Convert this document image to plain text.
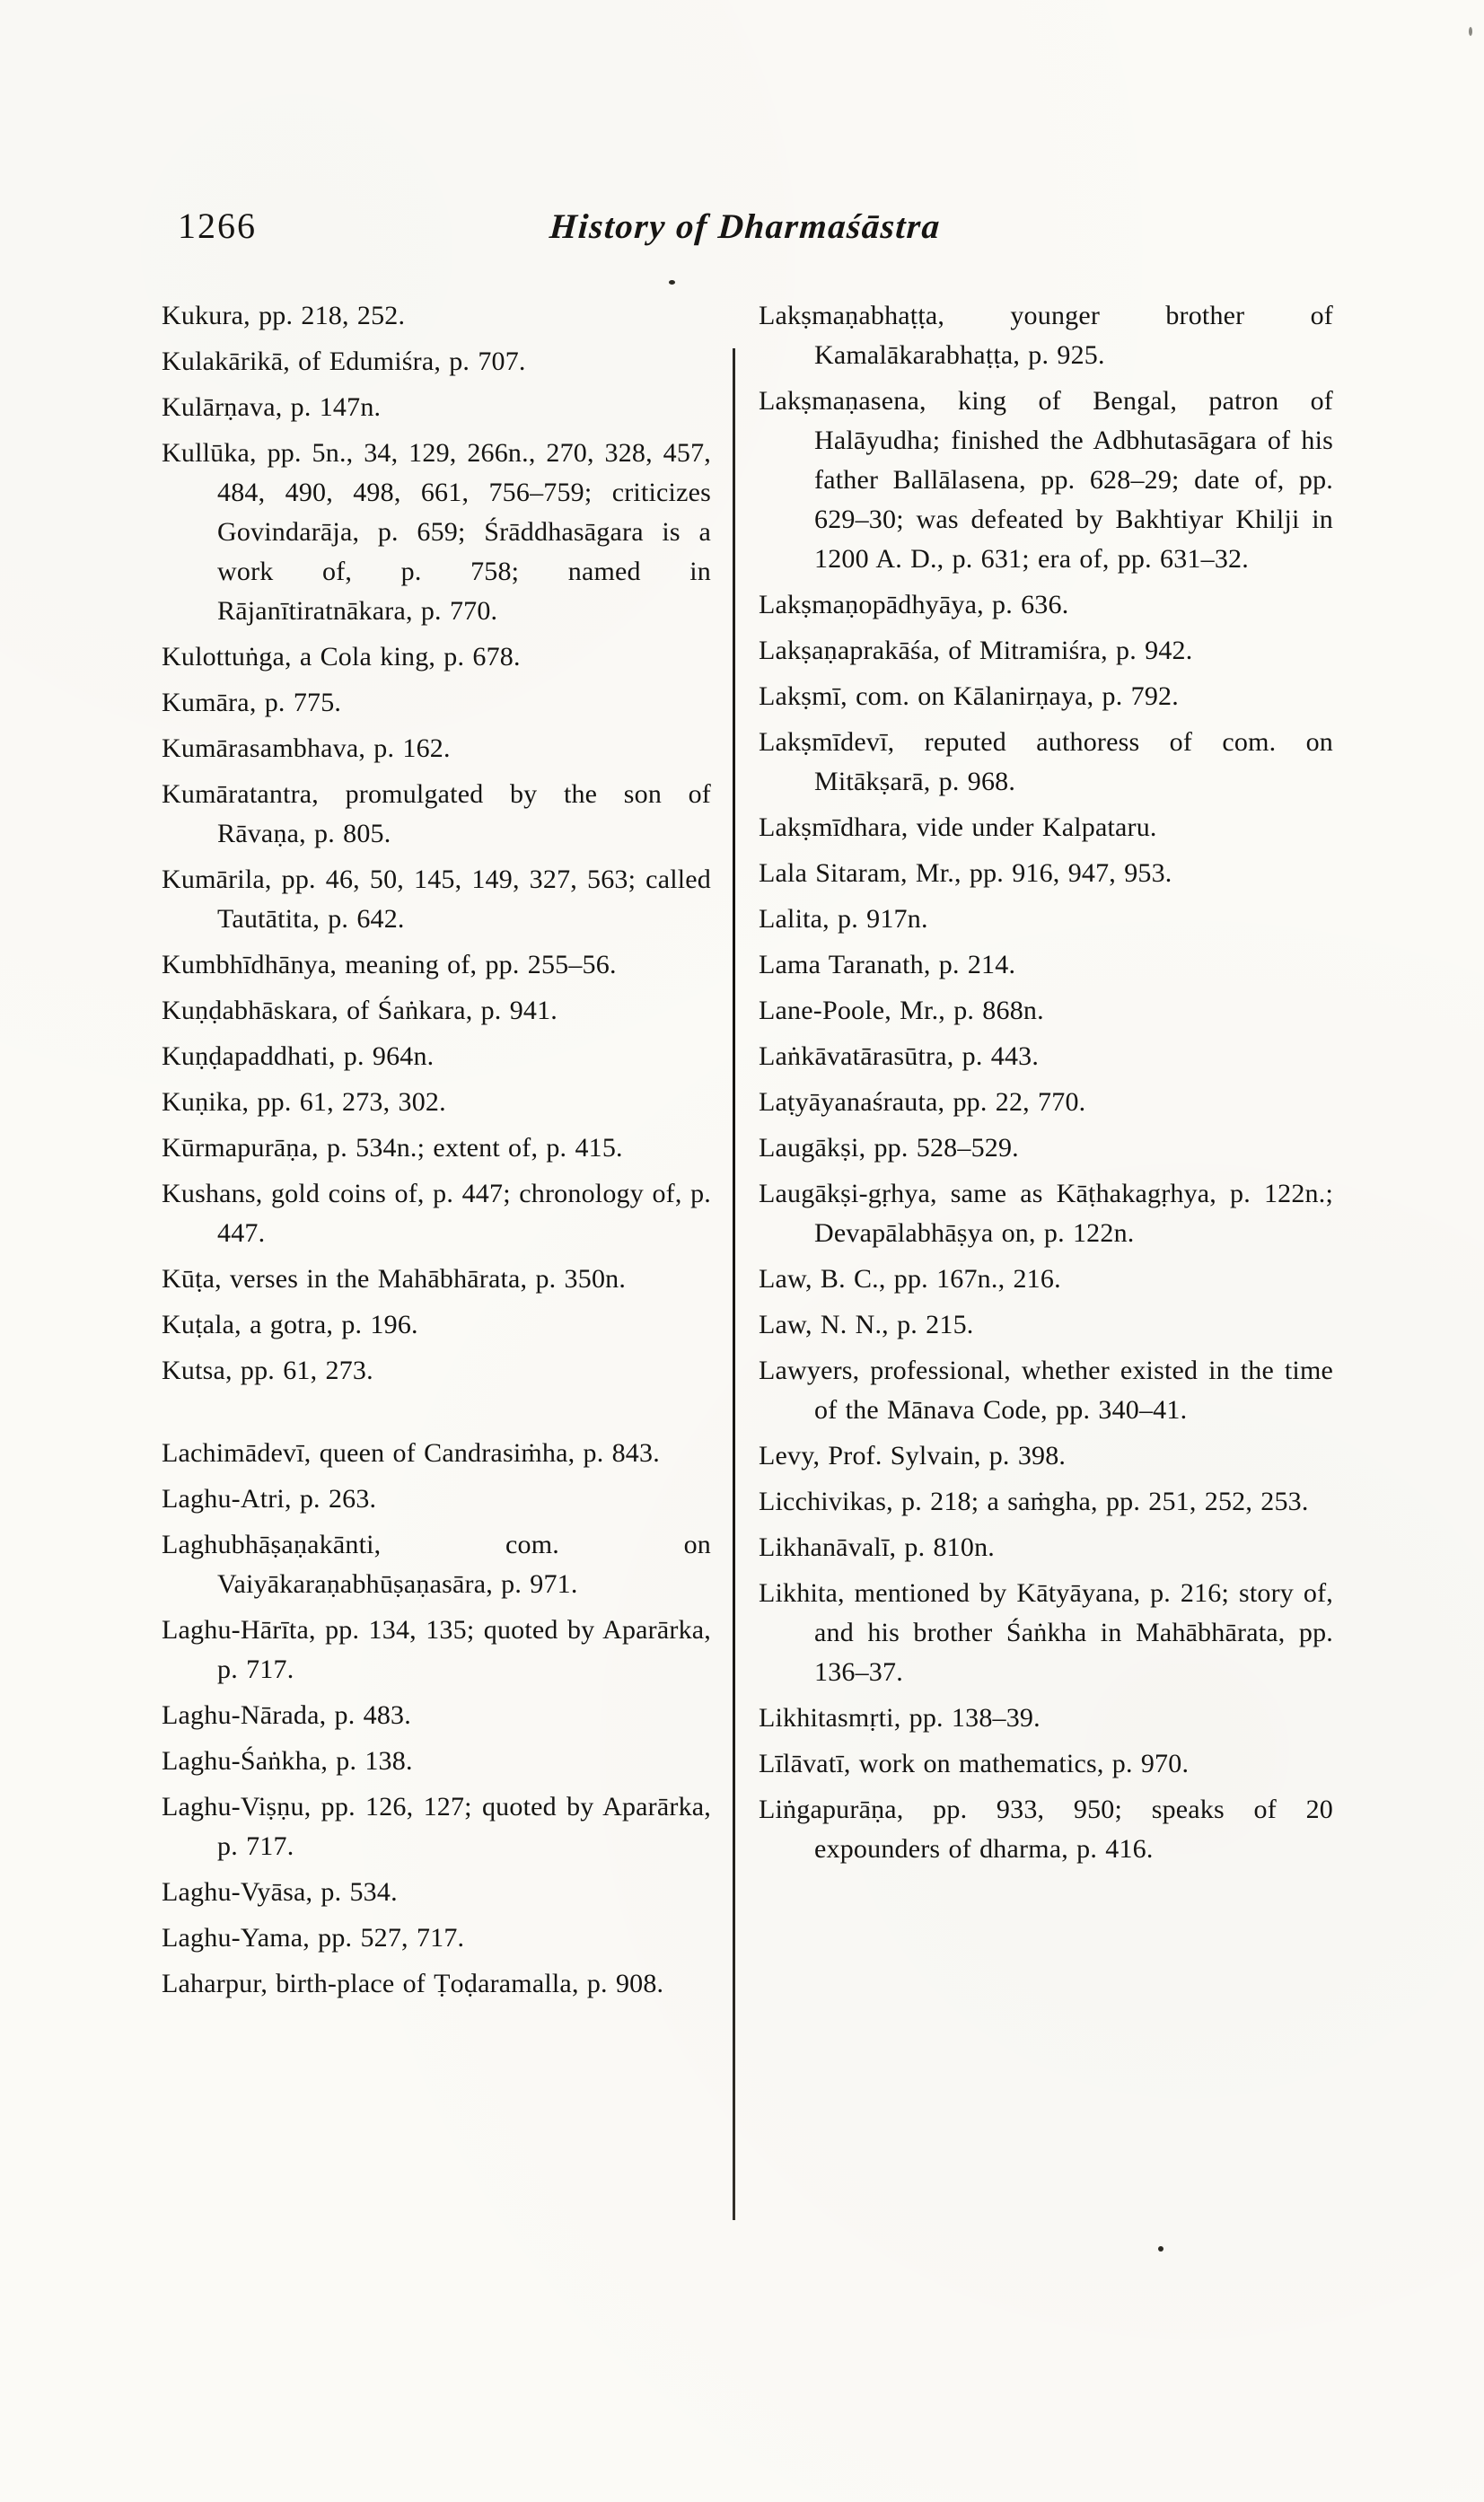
1266	History of Dharmaśāstra

Kukura, pp. 218, 252.

Kulakārikā, of Edumiśra, p. 707.

Kulārṇava, p. 147n.

Kullūka, pp. 5n., 34, 129, 266n., 270, 328, 457, 484, 490, 498, 661, 756–759; criticizes Govindarāja, p. 659; Śrāddhasāgara is a work of, p. 758; named in Rājanītiratnākara, p. 770.

Kulottuṅga, a Cola king, p. 678.

Kumāra, p. 775.

Kumārasambhava, p. 162.

Kumāratantra, promulgated by the son of Rāvaṇa, p. 805.

Kumārila, pp. 46, 50, 145, 149, 327, 563; called Tautātita, p. 642.

Kumbhīdhānya, meaning of, pp. 255–56.

Kuṇḍabhāskara, of Śaṅkara, p. 941.

Kuṇḍapaddhati, p. 964n.

Kuṇika, pp. 61, 273, 302.

Kūrmapurāṇa, p. 534n.; extent of, p. 415.

Kushans, gold coins of, p. 447; chronology of, p. 447.

Kūṭa, verses in the Mahābhārata, p. 350n.

Kuṭala, a gotra, p. 196.

Kutsa, pp. 61, 273.

Lachimādevī, queen of Candrasiṁha, p. 843.

Laghu-Atri, p. 263.

Laghubhāṣaṇakānti, com. on Vaiyākaraṇabhūṣaṇasāra, p. 971.

Laghu-Hārīta, pp. 134, 135; quoted by Aparārka, p. 717.

Laghu-Nārada, p. 483.

Laghu-Śaṅkha, p. 138.

Laghu-Viṣṇu, pp. 126, 127; quoted by Aparārka, p. 717.

Laghu-Vyāsa, p. 534.

Laghu-Yama, pp. 527, 717.

Laharpur, birth-place of Ṭoḍaramalla, p. 908.

Lakṣmaṇabhaṭṭa, younger brother of Kamalākarabhaṭṭa, p. 925.

Lakṣmaṇasena, king of Bengal, patron of Halāyudha; finished the Adbhutasāgara of his father Ballālasena, pp. 628–29; date of, pp. 629–30; was defeated by Bakhtiyar Khilji in 1200 A. D., p. 631; era of, pp. 631–32.

Lakṣmaṇopādhyāya, p. 636.

Lakṣaṇaprakāśa, of Mitramiśra, p. 942.

Lakṣmī, com. on Kālanirṇaya, p. 792.

Lakṣmīdevī, reputed authoress of com. on Mitākṣarā, p. 968.

Lakṣmīdhara, vide under Kalpataru.

Lala Sitaram, Mr., pp. 916, 947, 953.

Lalita, p. 917n.

Lama Taranath, p. 214.

Lane-Poole, Mr., p. 868n.

Laṅkāvatārasūtra, p. 443.

Laṭyāyanaśrauta, pp. 22, 770.

Laugākṣi, pp. 528–529.

Laugākṣi-gṛhya, same as Kāṭhakagṛhya, p. 122n.; Devapālabhāṣya on, p. 122n.

Law, B. C., pp. 167n., 216.

Law, N. N., p. 215.

Lawyers, professional, whether existed in the time of the Mānava Code, pp. 340–41.

Levy, Prof. Sylvain, p. 398.

Licchivikas, p. 218; a saṁgha, pp. 251, 252, 253.

Likhanāvalī, p. 810n.

Likhita, mentioned by Kātyāyana, p. 216; story of, and his brother Śaṅkha in Mahābhārata, pp. 136–37.

Likhitasmṛti, pp. 138–39.

Līlāvatī, work on mathematics, p. 970.

Liṅgapurāṇa, pp. 933, 950; speaks of 20 expounders of dharma, p. 416.
